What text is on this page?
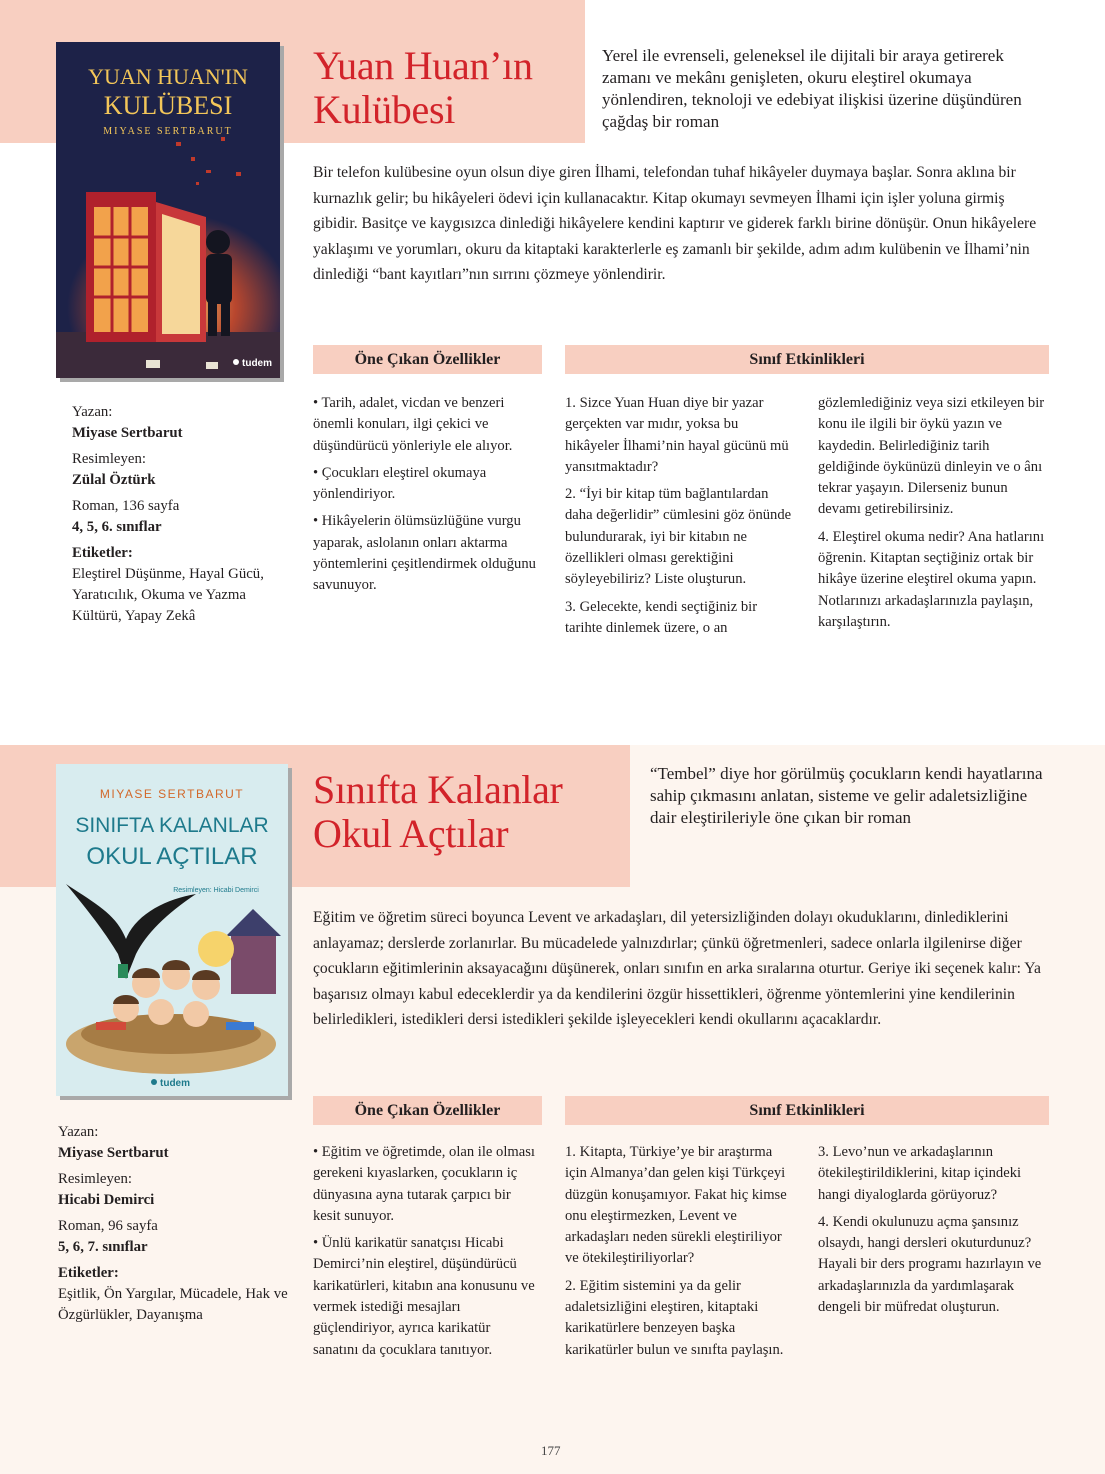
YUAN HUAN'IN
KULÜBESI
MIYASE SERTBARUT
tudem
Yuan Huan’ın
Kulübesi
Yerel ile evrenseli, geleneksel ile dijitali bir araya getirerek zamanı ve mekânı genişleten, okuru eleştirel okumaya yönlendiren, teknoloji ve edebiyat ilişkisi üzerine düşündüren çağdaş bir roman
Bir telefon kulübesine oyun olsun diye giren İlhami, telefondan tuhaf hikâyeler duymaya başlar. Sonra aklına bir kurnazlık gelir; bu hikâyeleri ödevi için kullanacaktır. Kitap okumayı sevmeyen İlhami için işler yoluna girmiş gibidir. Basitçe ve kaygısızca dinlediği hikâyelere kendini kaptırır ve giderek farklı birine dönüşür. Onun hikâyelere yaklaşımı ve yorumları, okuru da kitaptaki karakterlerle eş zamanlı bir şekilde, adım adım kulübenin ve İlhami’nin dinlediği “bant kayıtları”nın sırrını çözmeye yönlendirir.
Yazan:
Miyase Sertbarut
Resimleyen:
Zülal Öztürk
Roman, 136 sayfa
4, 5, 6. sınıflar
Etiketler:
Eleştirel Düşünme, Hayal Gücü, Yaratıcılık, Okuma ve Yazma Kültürü, Yapay Zekâ
Öne Çıkan Özellikler	Sınıf Etkinlikleri

• Tarih, adalet, vicdan ve benzeri önemli konuları, ilgi çekici ve düşündürücü yönleriyle ele alıyor.

• Çocukları eleştirel okumaya yönlendiriyor.

• Hikâyelerin ölümsüzlüğüne vurgu yaparak, aslolanın onları aktarma yöntemlerini çeşitlendirmek olduğunu savunuyor.

1. Sizce Yuan Huan diye bir yazar gerçekten var mıdır, yoksa bu hikâyeler İlhami’nin hayal gücünü mü yansıtmaktadır?

2. “İyi bir kitap tüm bağlantılardan daha değerlidir” cümlesini göz önünde bulundurarak, iyi bir kitabın ne özellikleri olması gerektiğini söyleyebiliriz? Liste oluşturun.

3. Gelecekte, kendi seçtiğiniz bir tarihte dinlemek üzere, o an

gözlemlediğiniz veya sizi etkileyen bir konu ile ilgili bir öykü yazın ve kaydedin. Belirlediğiniz tarih geldiğinde öykünüzü dinleyin ve o ânı tekrar yaşayın. Dilerseniz bunun devamı getirebilirsiniz.

4. Eleştirel okuma nedir? Ana hatlarını öğrenin. Kitaptan seçtiğiniz ortak bir hikâye üzerine eleştirel okuma yapın. Notlarınızı arkadaşlarınızla paylaşın, karşılaştırın.

MIYASE SERTBARUT
SINIFTA KALANLAR
OKUL AÇTILAR
Resimleyen: Hicabi Demirci
tudem
Sınıfta Kalanlar
Okul Açtılar
“Tembel” diye hor görülmüş çocukların kendi hayatlarına sahip çıkmasını anlatan, sisteme ve gelir adaletsizliğine dair eleştirileriyle öne çıkan bir roman
Eğitim ve öğretim süreci boyunca Levent ve arkadaşları, dil yetersizliğinden dolayı okuduklarını, dinlediklerini anlayamaz; derslerde zorlanırlar. Bu mücadelede yalnızdırlar; çünkü öğretmenleri, sadece onlarla ilgilenirse diğer çocukların eğitimlerinin aksayacağını düşünerek, onları sınıfın en arka sıralarına oturtur. Geriye iki seçenek kalır: Ya başarısız olmayı kabul edeceklerdir ya da kendilerini özgür hissettikleri, öğrenme yöntemlerini yine kendilerinin belirledikleri, istedikleri dersi istedikleri şekilde işleyecekleri kendi okullarını açacaklardır.
Yazan:
Miyase Sertbarut
Resimleyen:
Hicabi Demirci
Roman, 96 sayfa
5, 6, 7. sınıflar
Etiketler:
Eşitlik, Ön Yargılar, Mücadele, Hak ve Özgürlükler, Dayanışma
Öne Çıkan Özellikler	Sınıf Etkinlikleri

• Eğitim ve öğretimde, olan ile olması gerekeni kıyaslarken, çocukların iç dünyasına ayna tutarak çarpıcı bir kesit sunuyor.

• Ünlü karikatür sanatçısı Hicabi Demirci’nin eleştirel, düşündürücü karikatürleri, kitabın ana konusunu ve vermek istediği mesajları güçlendiriyor, ayrıca karikatür sanatını da çocuklara tanıtıyor.

1. Kitapta, Türkiye’ye bir araştırma için Almanya’dan gelen kişi Türkçeyi düzgün konuşamıyor. Fakat hiç kimse onu eleştirmezken, Levent ve arkadaşları neden sürekli eleştiriliyor ve ötekileştiriliyorlar?

2. Eğitim sistemini ya da gelir adaletsizliğini eleştiren, kitaptaki karikatürlere benzeyen başka karikatürler bulun ve sınıfta paylaşın.

3. Levo’nun ve arkadaşlarının ötekileştirildiklerini, kitap içindeki hangi diyaloglarda görüyoruz?

4. Kendi okulunuzu açma şansınız olsaydı, hangi dersleri okuturdunuz? Hayali bir ders programı hazırlayın ve arkadaşlarınızla da yardımlaşarak dengeli bir müfredat oluşturun.

177
